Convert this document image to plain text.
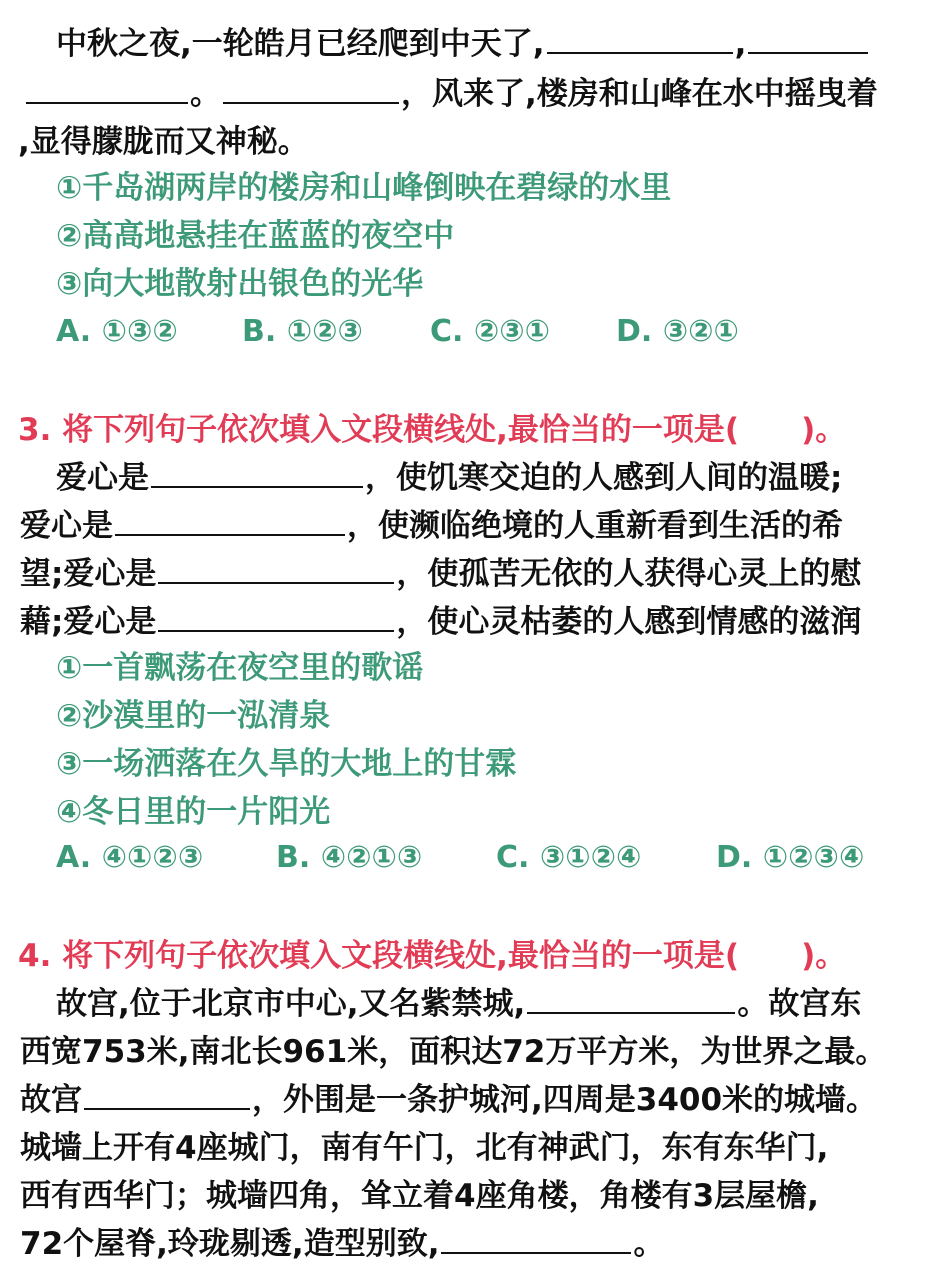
中秋之夜,一轮皓月已经爬到中天了,	,
。	，风来了,楼房和山峰在水中摇曳着
,显得朦胧而又神秘。
①千岛湖两岸的楼房和山峰倒映在碧绿的水里
②高高地悬挂在蓝蓝的夜空中
③向大地散射出银色的光华
A. ①③② B. ①②③ C. ②③① D. ③②①
3. 将下列句子依次填入文段横线处,最恰当的一项是(　　)。
爱心是	，使饥寒交迫的人感到人间的温暖;
爱心是	，使濒临绝境的人重新看到生活的希
望;爱心是	，使孤苦无依的人获得心灵上的慰
藉;爱心是	，使心灵枯萎的人感到情感的滋润
①一首飘荡在夜空里的歌谣
②沙漠里的一泓清泉
③一场洒落在久旱的大地上的甘霖
④冬日里的一片阳光
A. ④①②③ B. ④②①③ C. ③①②④ D. ①②③④
4. 将下列句子依次填入文段横线处,最恰当的一项是(　　)。
故宫,位于北京市中心,又名紫禁城,	。故宫东
西宽753米,南北长961米，面积达72万平方米，为世界之最。
故宫	，外围是一条护城河,四周是3400米的城墙。
城墙上开有4座城门，南有午门，北有神武门，东有东华门,
西有西华门；城墙四角，耸立着4座角楼，角楼有3层屋檐,
72个屋脊,玲珑剔透,造型别致,	。
